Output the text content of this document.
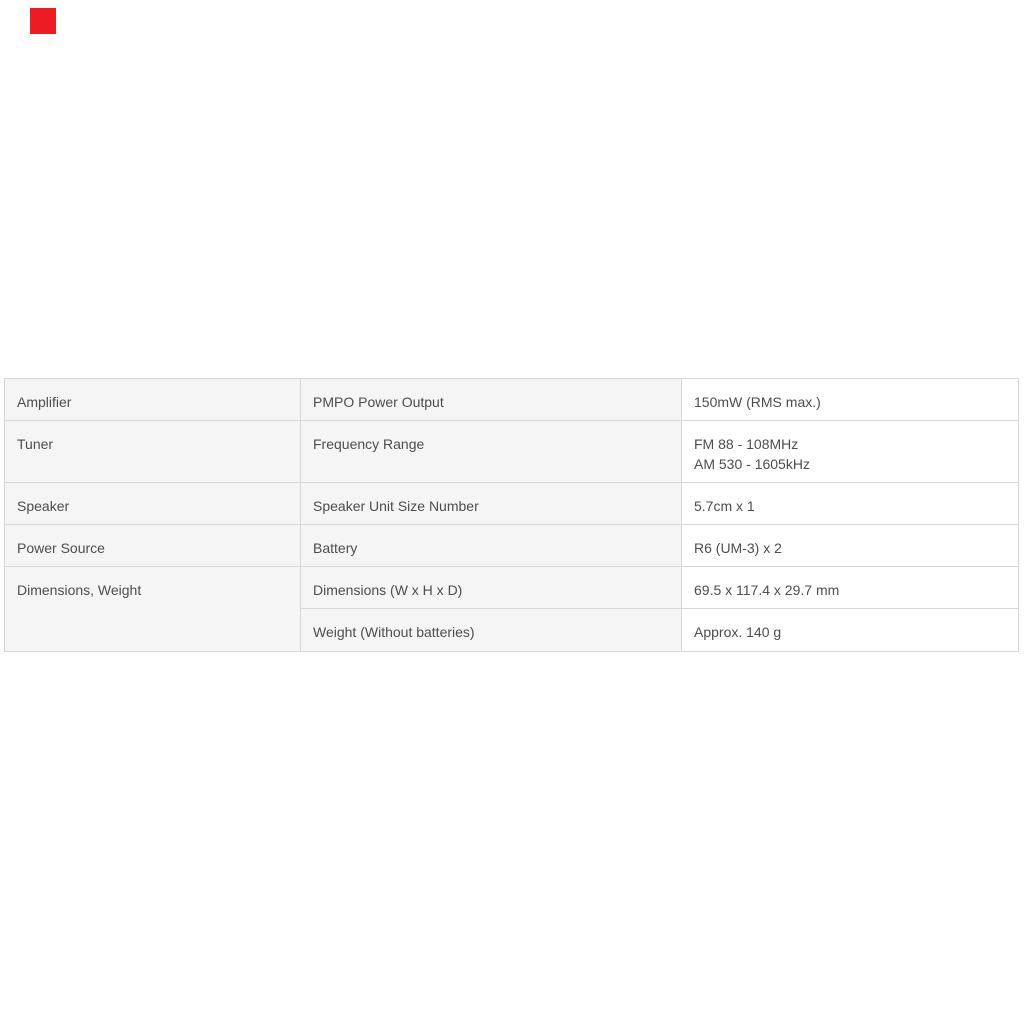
Amplifier	PMPO Power Output	150mW (RMS max.)
Tuner	Frequency Range	FM 88 - 108MHz
AM 530 - 1605kHz

Speaker	Speaker Unit Size Number	5.7cm x 1
Power Source	Battery	R6 (UM-3) x 2
Dimensions, Weight	Dimensions (W x H x D)	69.5 x 117.4 x 29.7 mm
	Weight (Without batteries)	Approx. 140 g
